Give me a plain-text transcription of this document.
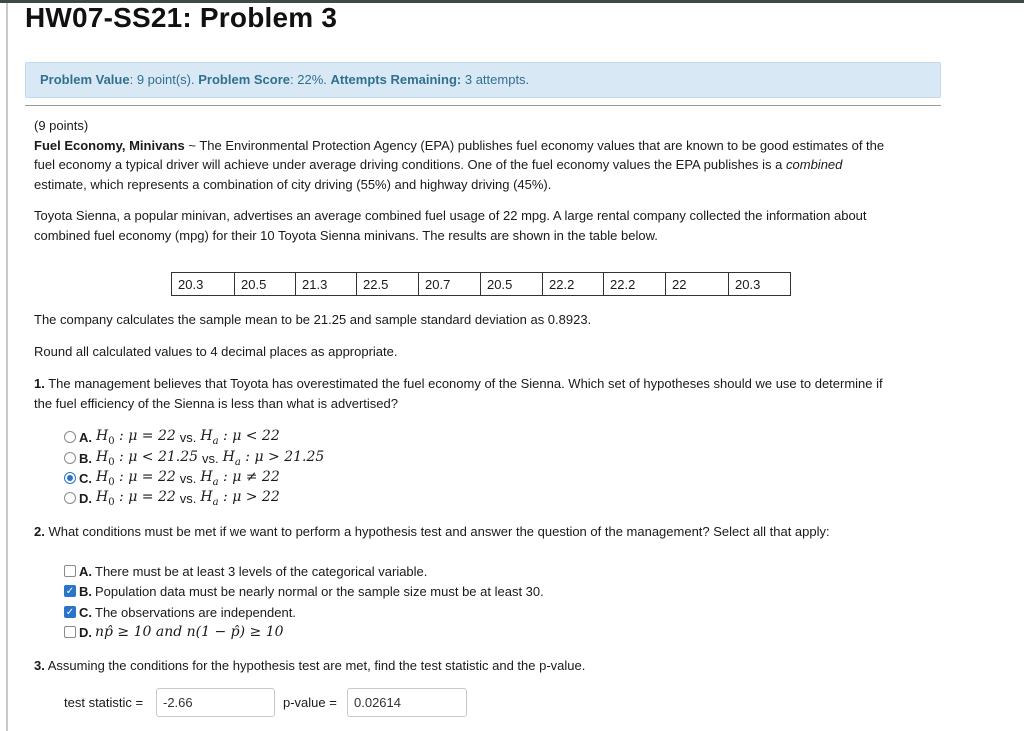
HW07-SS21: Problem 3
Problem Value: 9 point(s). Problem Score: 22%. Attempts Remaining: 3 attempts.
(9 points)
Fuel Economy, Minivans ~ The Environmental Protection Agency (EPA) publishes fuel economy values that are known to be good estimates of the
fuel economy a typical driver will achieve under average driving conditions. One of the fuel economy values the EPA publishes is a combined
estimate, which represents a combination of city driving (55%) and highway driving (45%).
Toyota Sienna, a popular minivan, advertises an average combined fuel usage of 22 mpg. A large rental company collected the information about
combined fuel economy (mpg) for their 10 Toyota Sienna minivans. The results are shown in the table below.
20.3	20.5	21.3	22.5	20.7	20.5	22.2	22.2	22	20.3
The company calculates the sample mean to be 21.25 and sample standard deviation as 0.8923.
Round all calculated values to 4 decimal places as appropriate.
1. The management believes that Toyota has overestimated the fuel economy of the Sienna. Which set of hypotheses should we use to determine if
the fuel efficiency of the Sienna is less than what is advertised?
A. $H_0$ : μ = 22 vs. $H_a$ : μ < 22
B. $H_0$ : μ < 21.25 vs. $H_a$ : μ > 21.25
C. $H_0$ : μ = 22 vs. $H_a$ : μ ≠ 22
D. $H_0$ : μ = 22 vs. $H_a$ : μ > 22
2. What conditions must be met if we want to perform a hypothesis test and answer the question of the management? Select all that apply:
A. There must be at least 3 levels of the categorical variable.
✓ B. Population data must be nearly normal or the sample size must be at least 30.
✓ C. The observations are independent.
D. np̂ ≥ 10 and n(1 − p̂) ≥ 10
3. Assuming the conditions for the hypothesis test are met, find the test statistic and the p-value.
test statistic =
-2.66	p-value =
0.02614
